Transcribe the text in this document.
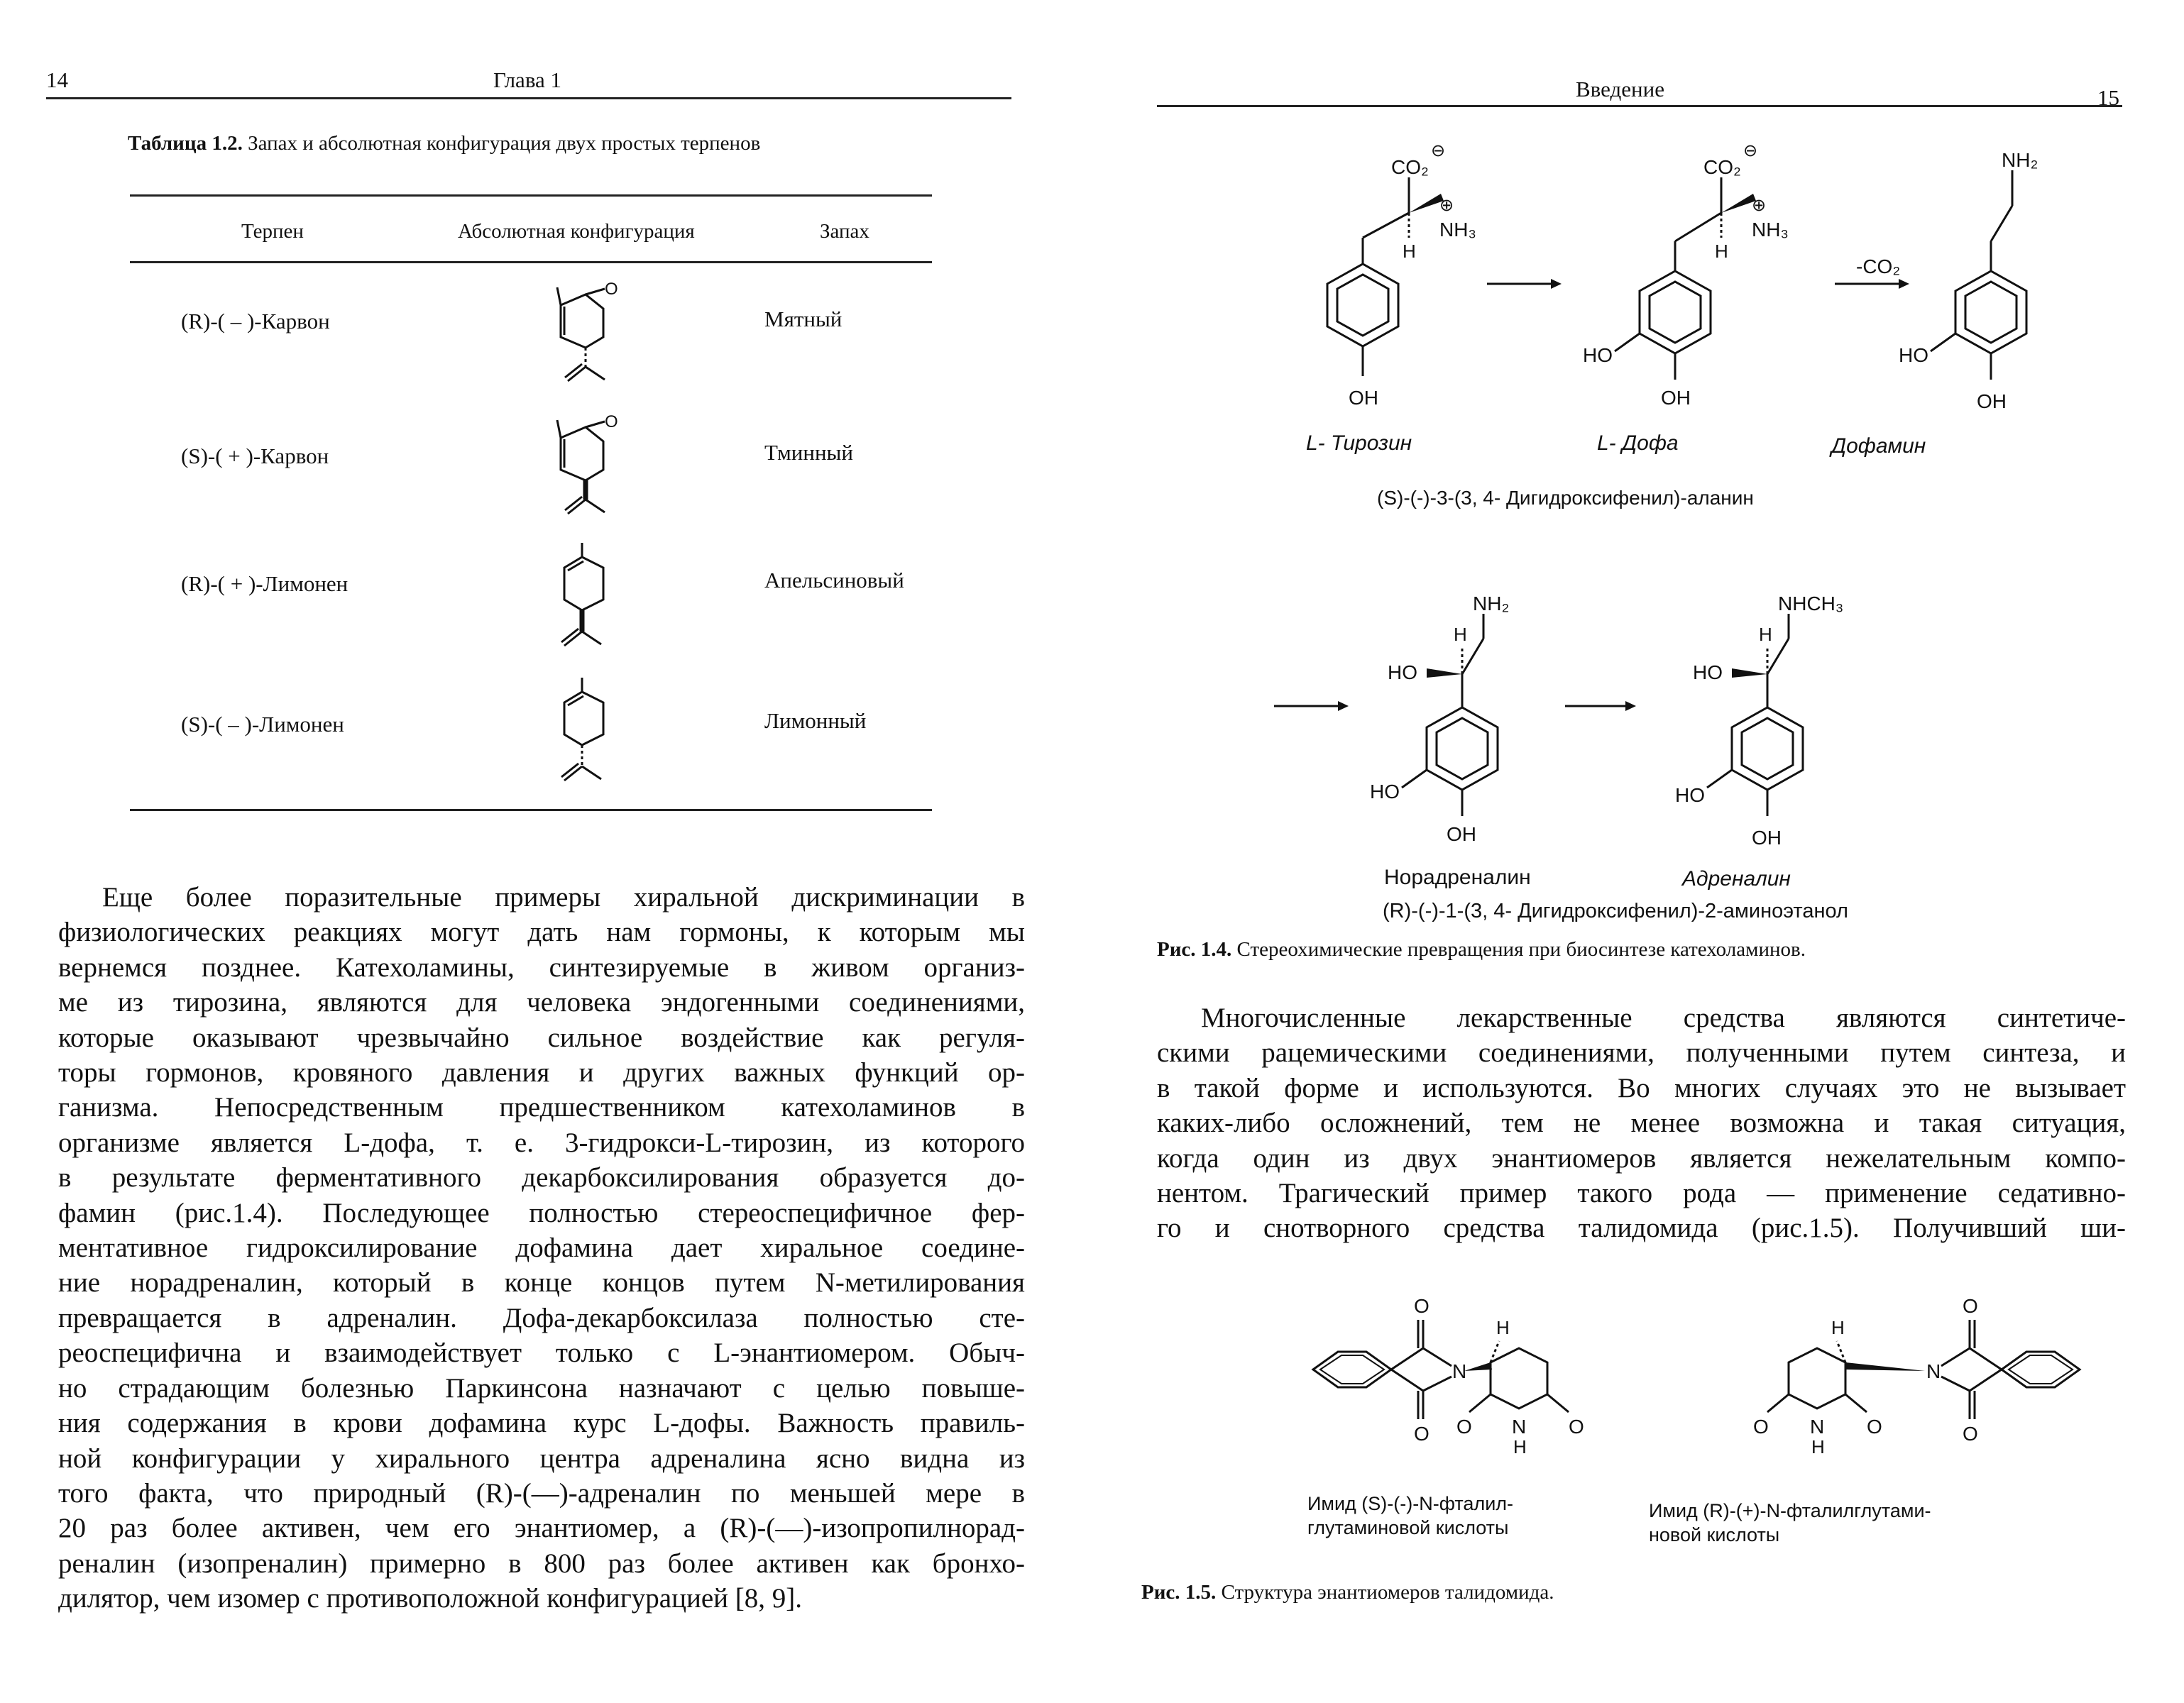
14	Глава 1
Таблица 1.2. Запах и абсолютная конфигурация двух простых терпенов
Терпен	Абсолютная конфигурация	Запах
(R)-( – )-Карвон	Мятный
(S)-( + )-Карвон	Тминный
(R)-( + )-Лимонен	Апельсиновый
(S)-( – )-Лимонен	Лимонный
O
O
Еще более поразительные примеры хиральной дискриминации в
физиологических реакциях могут дать нам гормоны, к которым мы
вернемся позднее. Катехоламины, синтезируемые в живом организ-
ме из тирозина, являются для человека эндогенными соединениями,
которые оказывают чрезвычайно сильное воздействие как регуля-
торы гормонов, кровяного давления и других важных функций ор-
ганизма. Непосредственным предшественником катехоламинов в
организме является L-дофа, т. е. 3-гидрокси-L-тирозин, из которого
в результате ферментативного декарбоксилирования образуется до-
фамин (рис.1.4). Последующее полностью стереоспецифичное фер-
ментативное гидроксилирование дофамина дает хиральное соедине-
ние норадреналин, который в конце концов путем N-метилирования
превращается в адреналин. Дофа-декарбоксилаза полностью сте-
реоспецифична и взаимодействует только с L-энантиомером. Обыч-
но страдающим болезнью Паркинсона назначают с целью повыше-
ния содержания в крови дофамина курс L-дофы. Важность правиль-
ной конфигурации у хирального центра адреналина ясно видна из
того факта, что природный (R)-(—)-адреналин по меньшей мере в
20 раз более активен, чем его энантиомер, а (R)-(—)-изопропилнорад-
реналин (изопреналин) примерно в 800 раз более активен как бронхо-
дилятор, чем изомер с противоположной конфигурацией [8, 9].
Введение	15
CO₂
⊖
⊕
NH₃
H
OH
CO₂
⊖
⊕
NH₃
H
HO
OH
NH₂
HO
OH
-CO₂
NH₂
H
HO
HO
OH
NHCH₃
H
HO
HO
OH
L- Тирозин	L- Дофа	Дофамин
(S)-(-)-3-(3, 4- Дигидроксифенил)-аланин
Норадреналин	Адреналин
(R)-(-)-1-(3, 4- Дигидроксифенил)-2-аминоэтанол
Рис. 1.4. Стереохимические превращения при биосинтезе катехоламинов.
Многочисленные лекарственные средства являются синтетиче-
скими рацемическими соединениями, полученными путем синтеза, и
в такой форме и используются. Во многих случаях это не вызывает
каких-либо осложнений, тем не менее возможна и такая ситуация,
когда один из двух энантиомеров является нежелательным компо-
нентом. Трагический пример такого рода — применение седативно-
го и снотворного средства талидомида (рис.1.5). Получивший ши-
O
O
N
H
O N
H
O
O
O
N
H
O N
H
O
Имид (S)-(-)-N-фталил-
глутаминовой кислоты
Имид (R)-(+)-N-фталилглутами-
новой кислоты
Рис. 1.5. Структура энантиомеров талидомида.
